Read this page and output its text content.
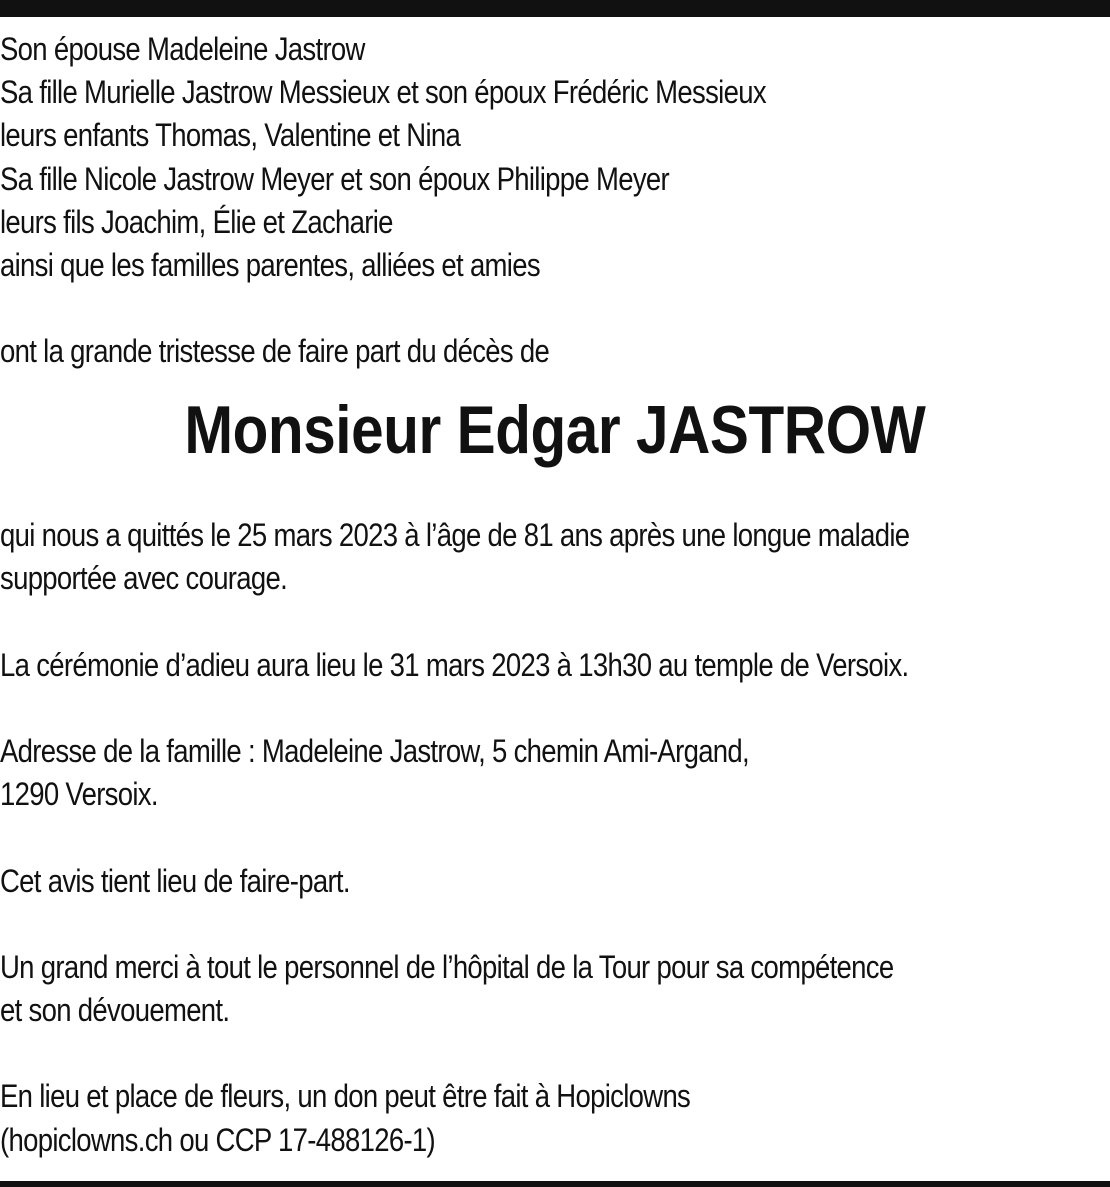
Son épouse Madeleine Jastrow
Sa fille Murielle Jastrow Messieux et son époux Frédéric Messieux
leurs enfants Thomas, Valentine et Nina
Sa fille Nicole Jastrow Meyer et son époux Philippe Meyer
leurs fils Joachim, Élie et Zacharie
ainsi que les familles parentes, alliées et amies
ont la grande tristesse de faire part du décès de
Monsieur Edgar JASTROW
qui nous a quittés le 25 mars 2023 à l’âge de 81 ans après une longue maladie
supportée avec courage.
La cérémonie d’adieu aura lieu le 31 mars 2023 à 13h30 au temple de Versoix.
Adresse de la famille : Madeleine Jastrow, 5 chemin Ami-Argand,
1290 Versoix.
Cet avis tient lieu de faire-part.
Un grand merci à tout le personnel de l’hôpital de la Tour pour sa compétence
et son dévouement.
En lieu et place de fleurs, un don peut être fait à Hopiclowns
(hopiclowns.ch ou CCP 17-488126-1)
